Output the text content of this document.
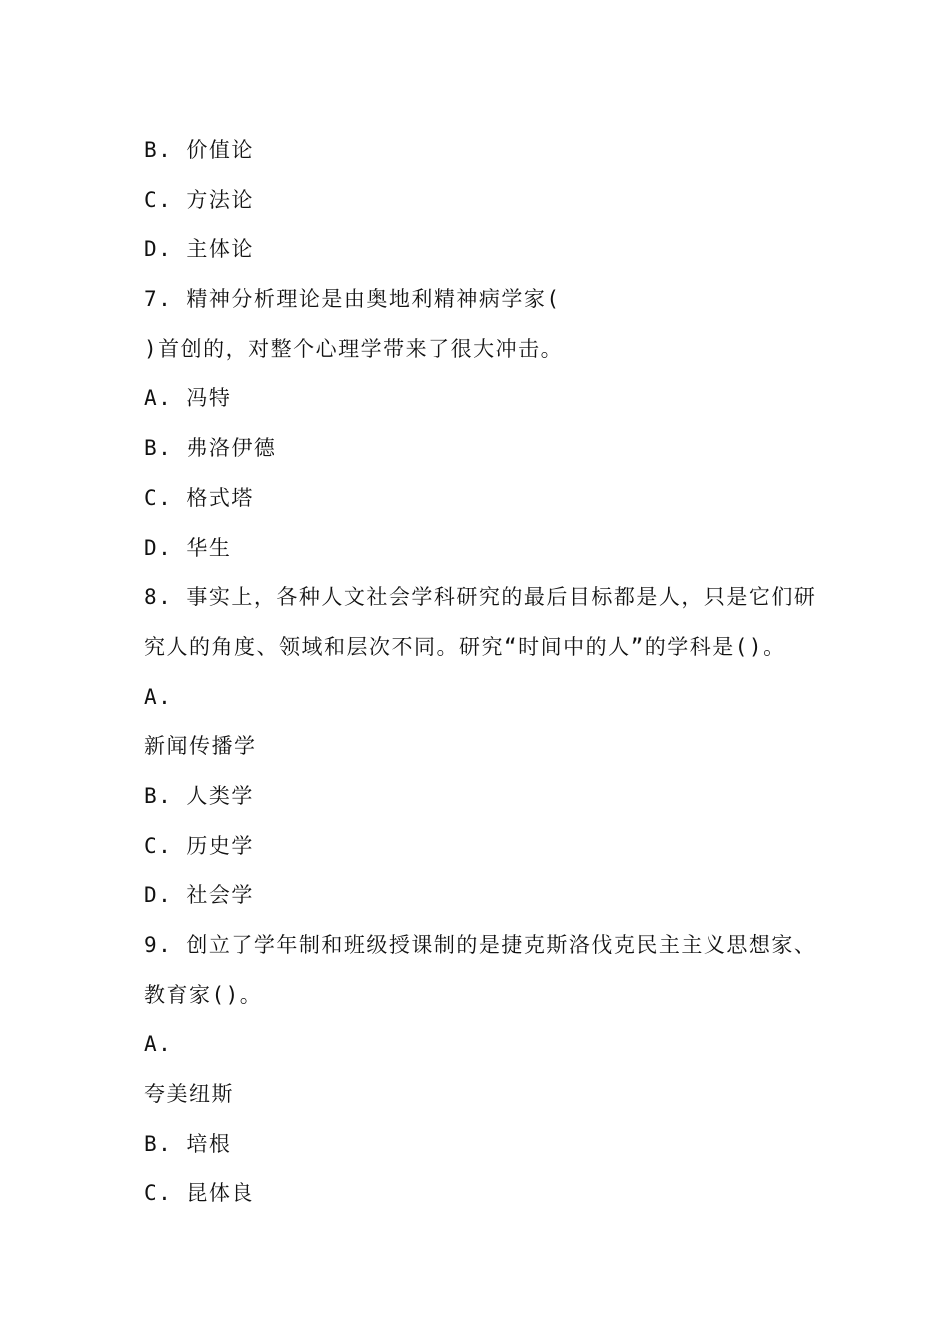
B. 价值论
C. 方法论
D. 主体论
7. 精神分析理论是由奥地利精神病学家(
)首创的，对整个心理学带来了很大冲击。
A. 冯特
B. 弗洛伊德
C. 格式塔
D. 华生
8. 事实上，各种人文社会学科研究的最后目标都是人，只是它们研
究人的角度、领域和层次不同。研究“时间中的人”的学科是()。
A.
新闻传播学
B. 人类学
C. 历史学
D. 社会学
9. 创立了学年制和班级授课制的是捷克斯洛伐克民主主义思想家、
教育家()。
A.
夸美纽斯
B. 培根
C. 昆体良
